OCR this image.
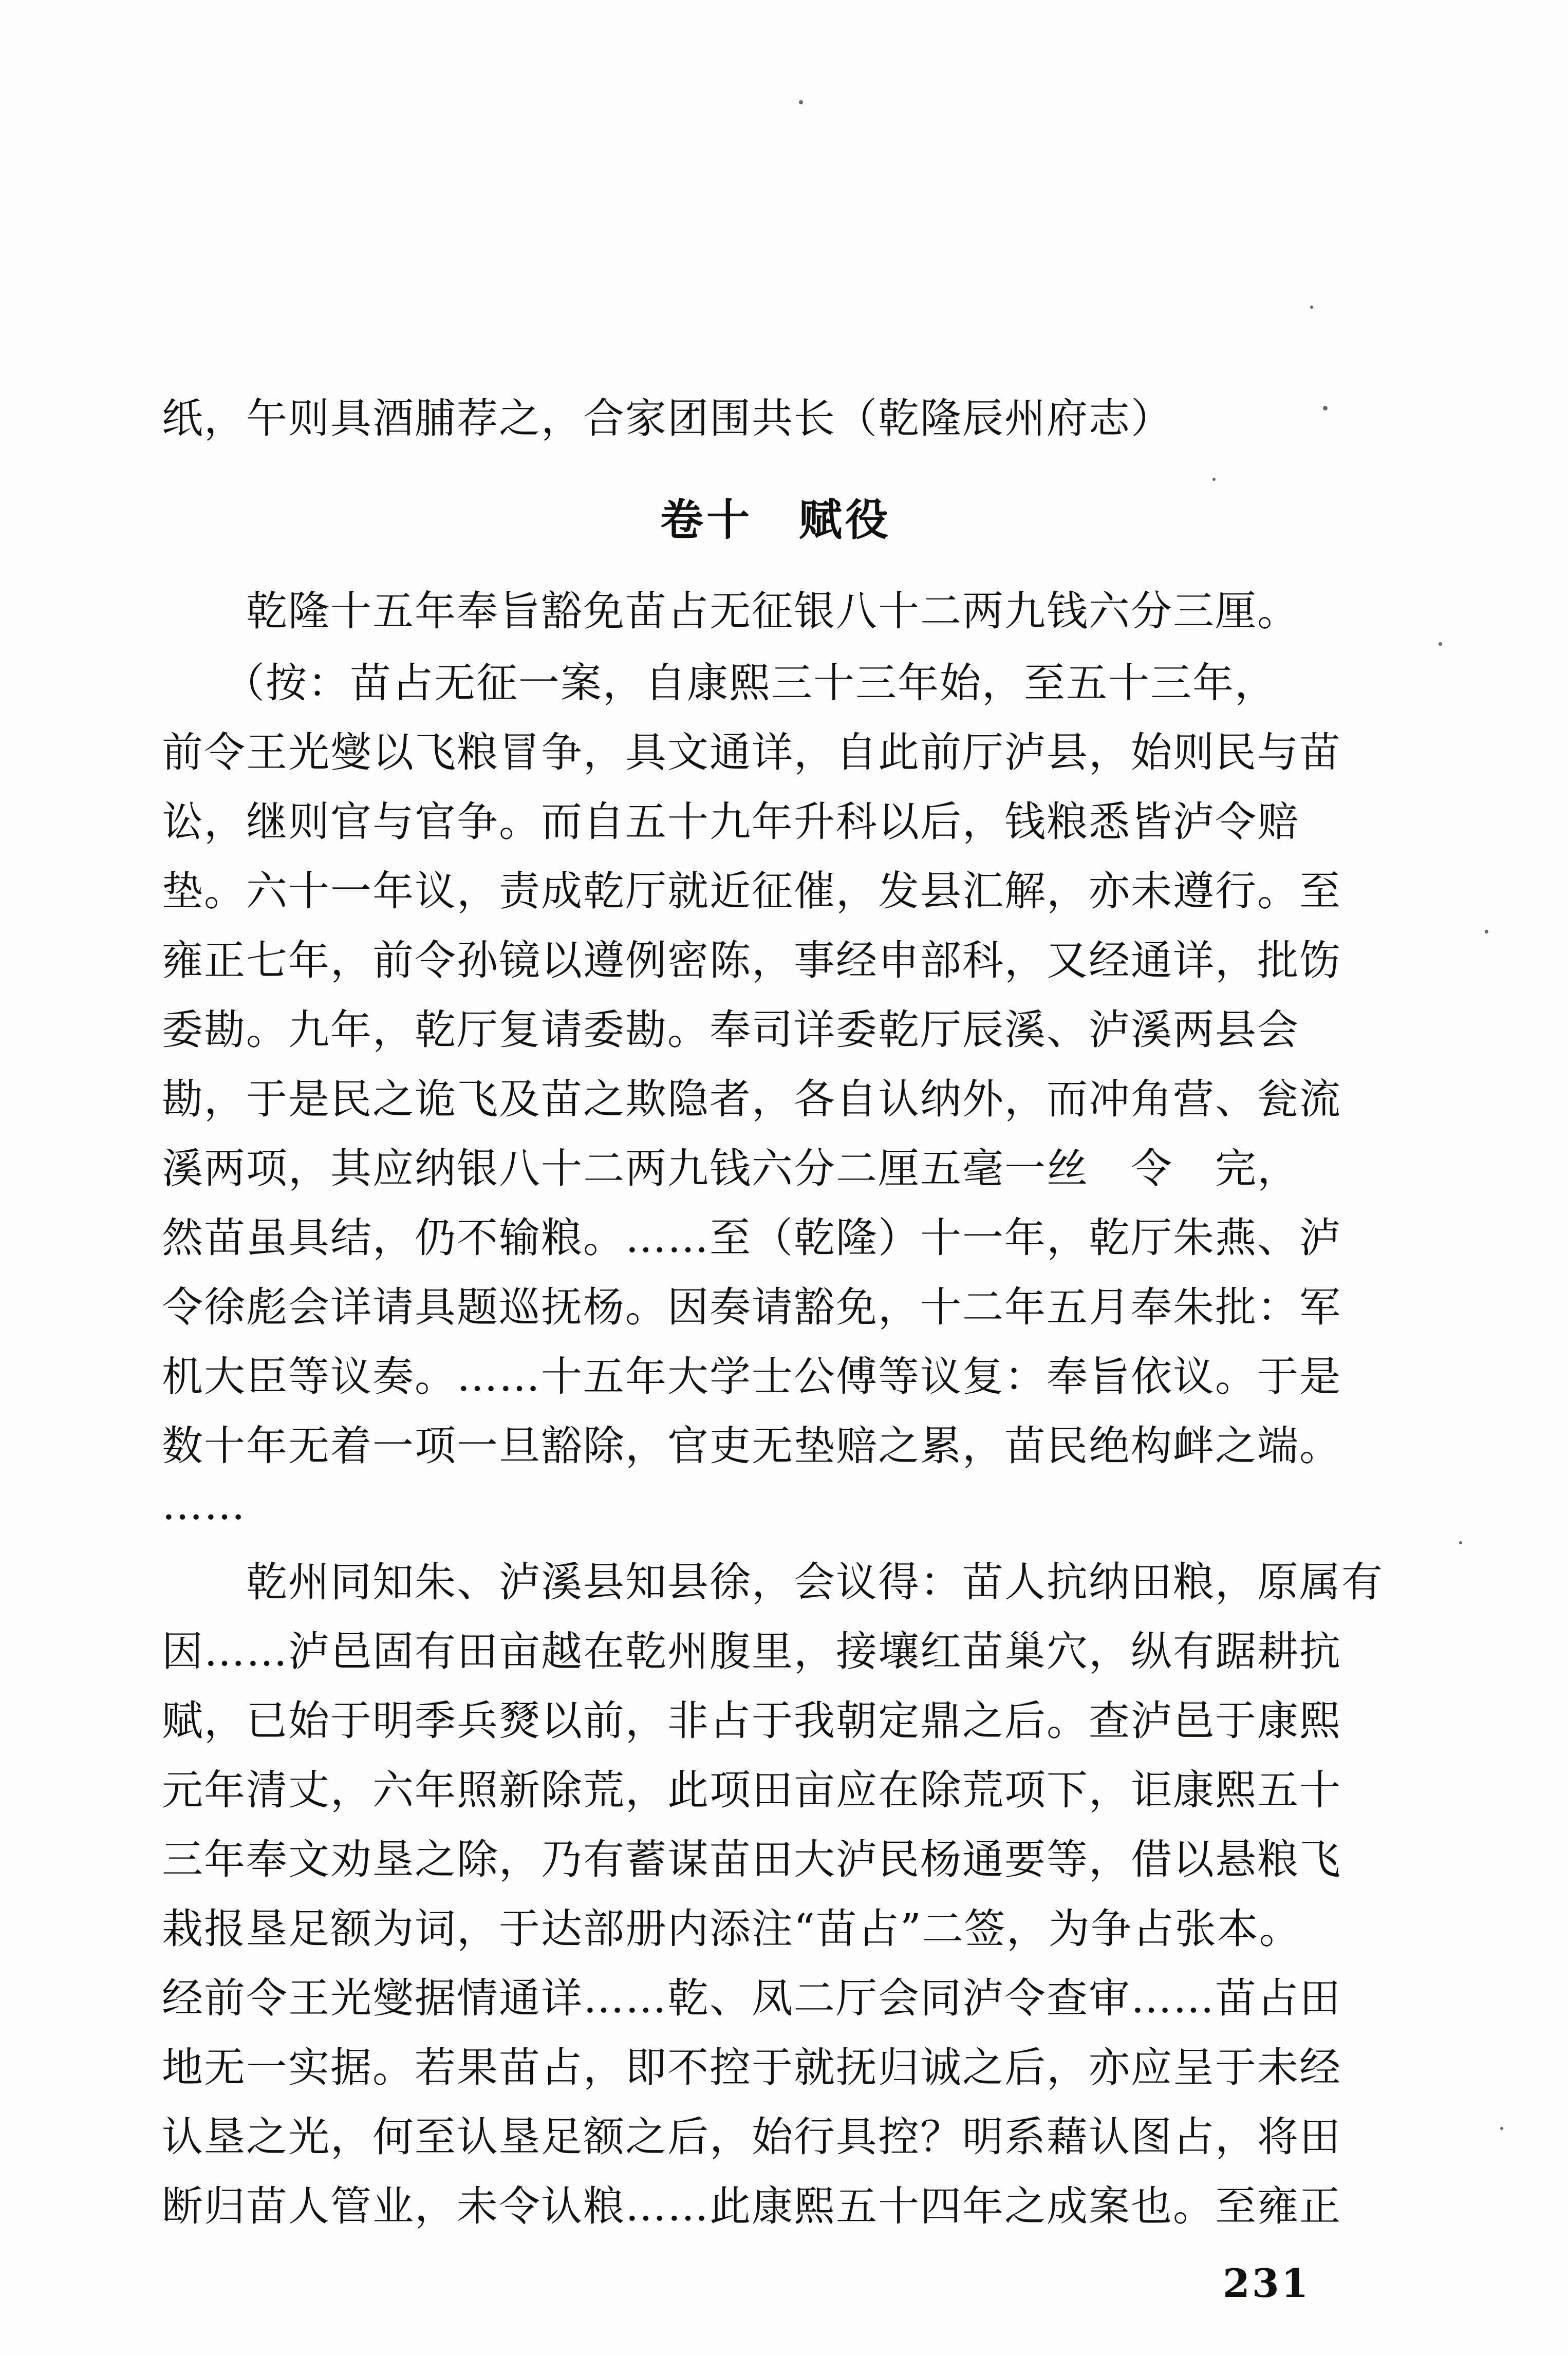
纸，午则具酒脯荐之，合家团围共长（乾隆辰州府志）
卷十　赋役
　　乾隆十五年奉旨豁免苗占无征银八十二两九钱六分三厘。
（按：苗占无征一案，自康熙三十三年始，至五十三年，
前令王光燮以飞粮冒争，具文通详，自此前厅泸县，始则民与苗
讼，继则官与官争。而自五十九年升科以后，钱粮悉皆泸令赔
垫。六十一年议，责成乾厅就近征催，发县汇解，亦未遵行。至
雍正七年，前令孙镜以遵例密陈，事经申部科，又经通详，批饬
委勘。九年，乾厅复请委勘。奉司详委乾厅辰溪、泸溪两县会
勘，于是民之诡飞及苗之欺隐者，各自认纳外，而冲角营、瓮流
溪两项，其应纳银八十二两九钱六分二厘五毫一丝　令　完，
然苗虽具结，仍不输粮。……至（乾隆）十一年，乾厅朱燕、泸
令徐彪会详请具题巡抚杨。因奏请豁免，十二年五月奉朱批：军
机大臣等议奏。……十五年大学士公傅等议复：奉旨依议。于是
数十年无着一项一旦豁除，官吏无垫赔之累，苗民绝构衅之端。
……
　　乾州同知朱、泸溪县知县徐，会议得：苗人抗纳田粮，原属有
因……泸邑固有田亩越在乾州腹里，接壤红苗巢穴，纵有踞耕抗
赋，已始于明季兵燹以前，非占于我朝定鼎之后。查泸邑于康熙
元年清丈，六年照新除荒，此项田亩应在除荒项下，讵康熙五十
三年奉文劝垦之除，乃有蓄谋苗田大泸民杨通要等，借以悬粮飞
栽报垦足额为词，于达部册内添注“苗占”二签，为争占张本。
经前令王光燮据情通详……乾、凤二厅会同泸令查审……苗占田
地无一实据。若果苗占，即不控于就抚归诚之后，亦应呈于未经
认垦之光，何至认垦足额之后，始行具控？明系藉认图占，将田
断归苗人管业，未令认粮……此康熙五十四年之成案也。至雍正
231
